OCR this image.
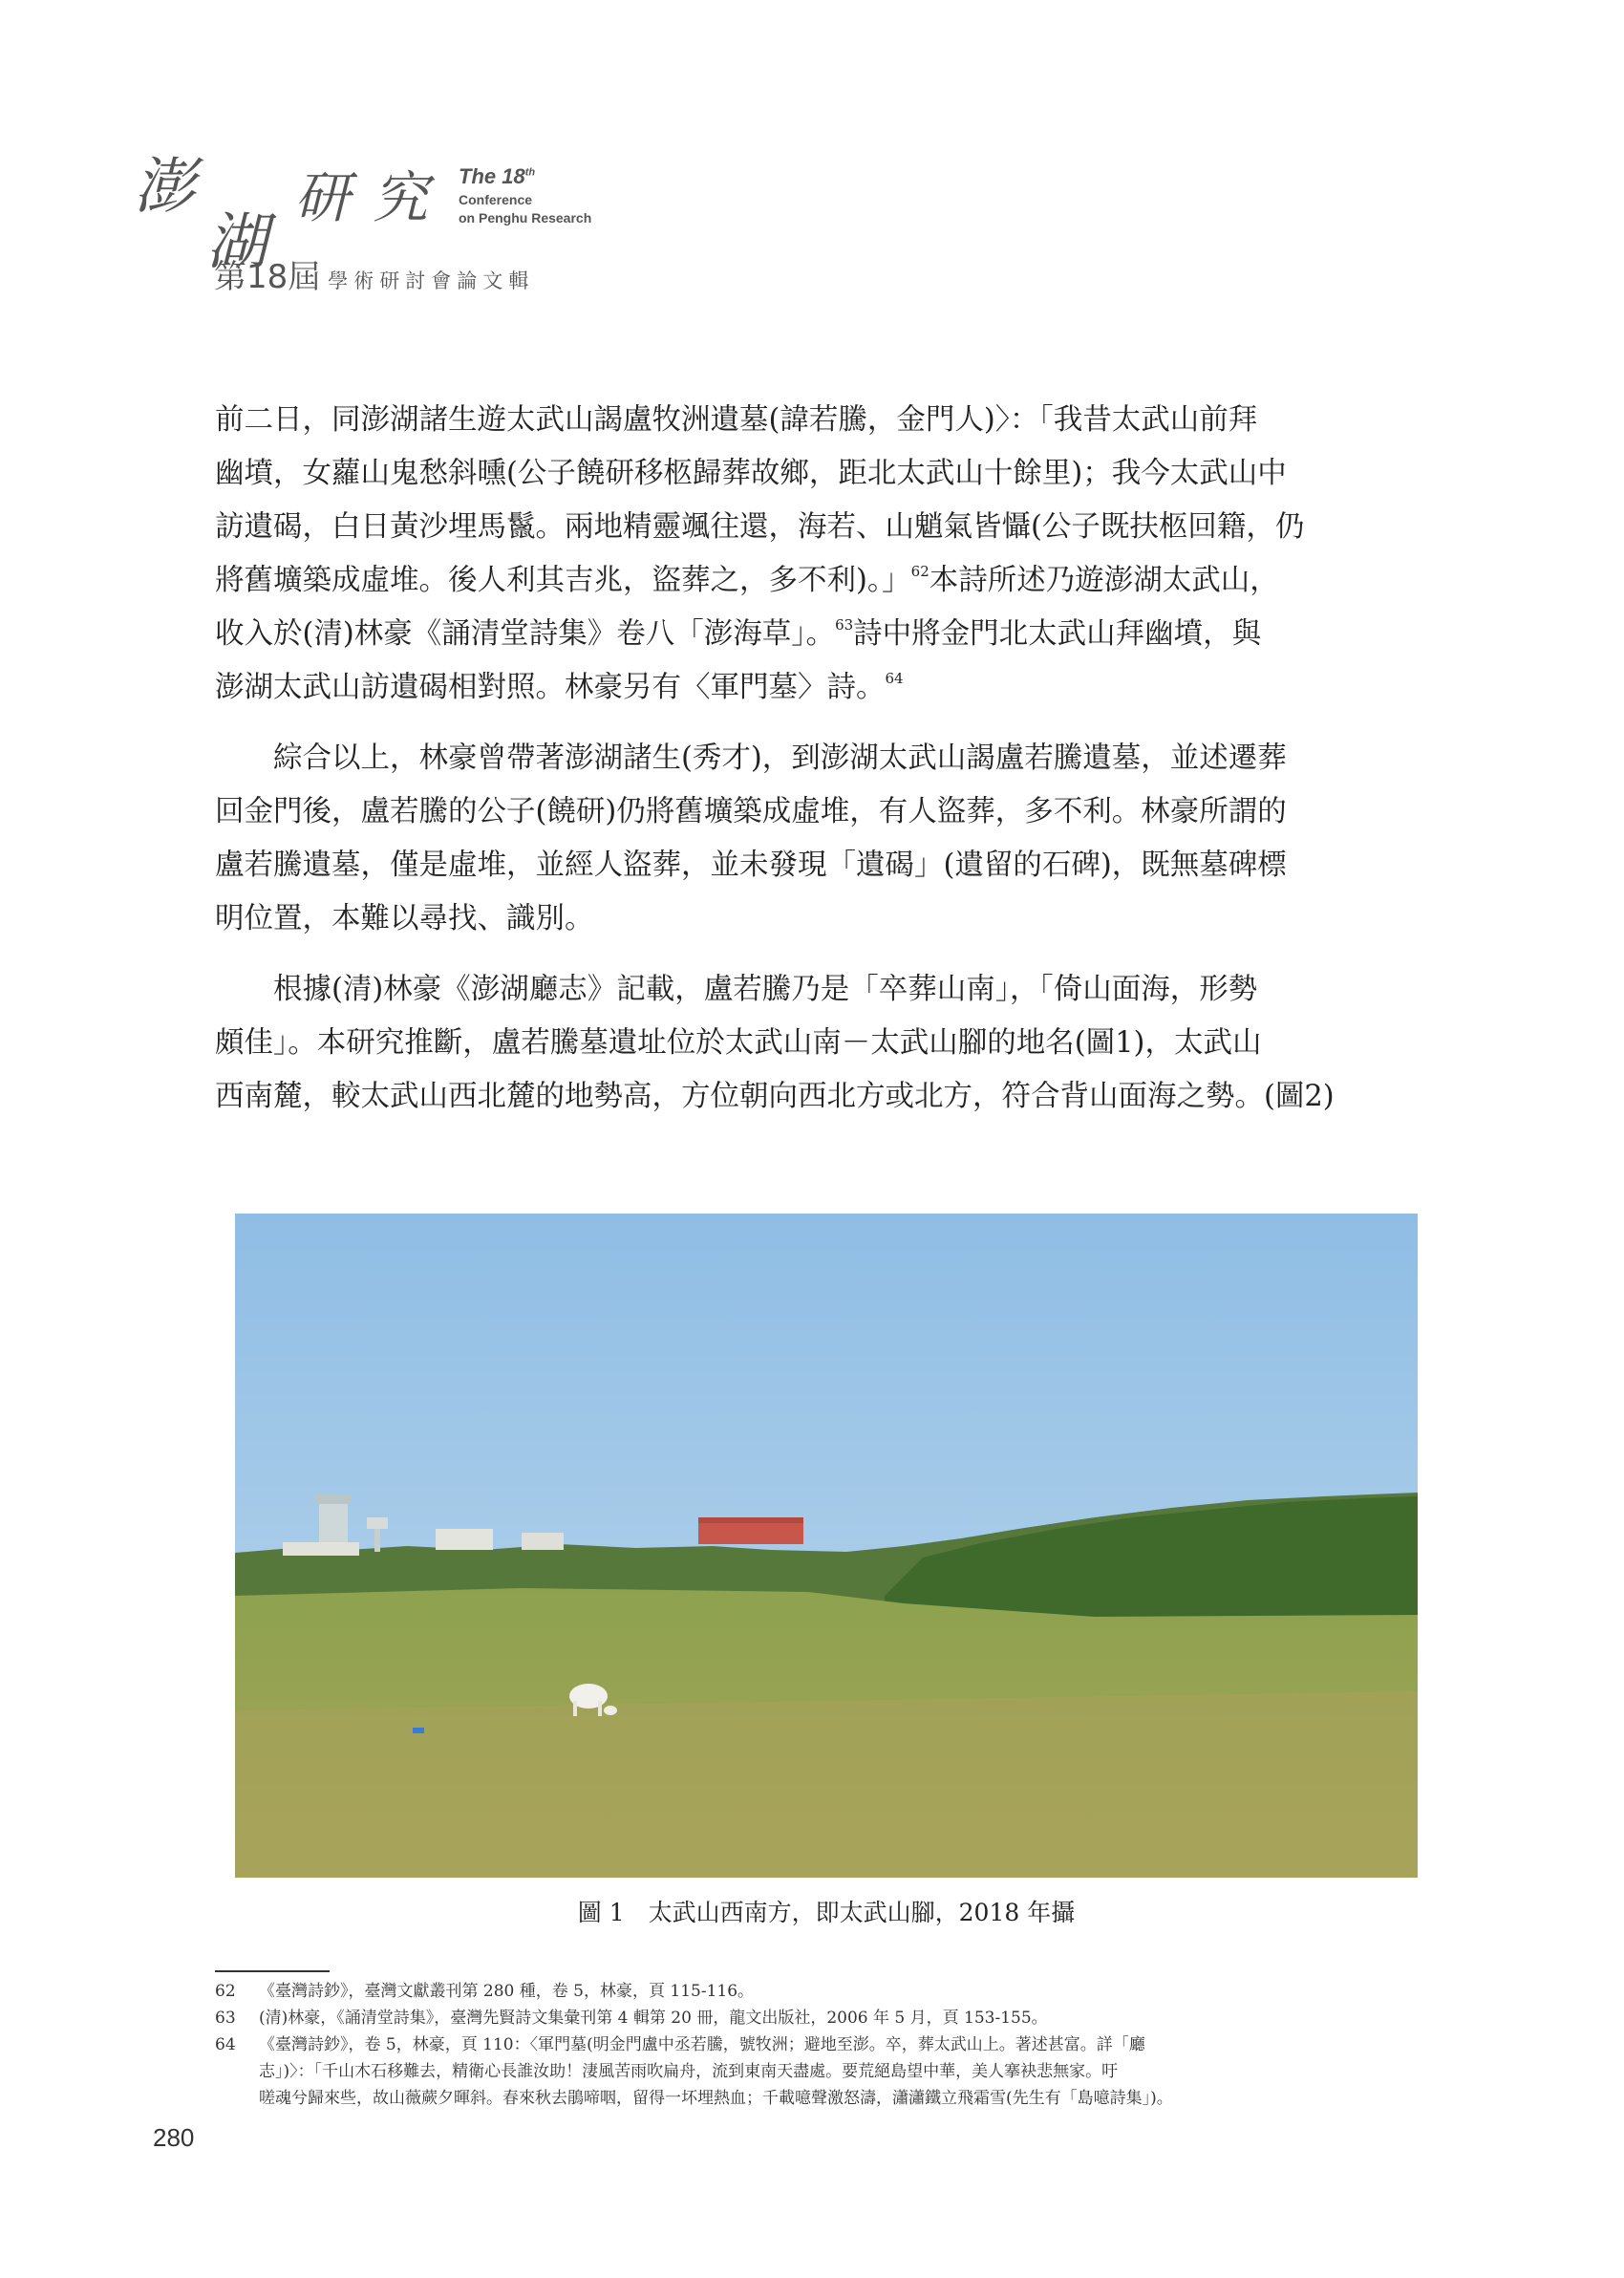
澎
湖
研 究 The 18th
Conference
on Penghu Research
第18屆 學術研討會論文輯
前二日，同澎湖諸生遊太武山謁盧牧洲遺墓(諱若騰，金門人)〉：「我昔太武山前拜
幽墳，女蘿山鬼愁斜曛(公子饒研移柩歸葬故鄉，距北太武山十餘里)；我今太武山中
訪遺碣，白日黃沙埋馬鬣。兩地精靈颯往還，海若、山魈氣皆懾(公子既扶柩回籍，仍
將舊壙築成虛堆。後人利其吉兆，盜葬之，多不利)。」$^{62}$本詩所述乃遊澎湖太武山，
收入於(清)林豪《誦清堂詩集》卷八「澎海草」。$^{63}$詩中將金門北太武山拜幽墳，與
澎湖太武山訪遺碣相對照。林豪另有〈軍門墓〉詩。$^{64}$
　　綜合以上，林豪曾帶著澎湖諸生(秀才)，到澎湖太武山謁盧若騰遺墓，並述遷葬
回金門後，盧若騰的公子(饒研)仍將舊壙築成虛堆，有人盜葬，多不利。林豪所謂的
盧若騰遺墓，僅是虛堆，並經人盜葬，並未發現「遺碣」(遺留的石碑)，既無墓碑標
明位置，本難以尋找、識別。
　　根據(清)林豪《澎湖廳志》記載，盧若騰乃是「卒葬山南」，「倚山面海，形勢
頗佳」。本研究推斷，盧若騰墓遺址位於太武山南－太武山腳的地名(圖1)，太武山
西南麓，較太武山西北麓的地勢高，方位朝向西北方或北方，符合背山面海之勢。(圖2)
圖 1　太武山西南方，即太武山腳，2018 年攝
62 《臺灣詩鈔》，臺灣文獻叢刊第 280 種，卷 5，林豪，頁 115-116。
63 (清)林豪，《誦清堂詩集》，臺灣先賢詩文集彙刊第 4 輯第 20 冊，龍文出版社，2006 年 5 月，頁 153-155。
64 《臺灣詩鈔》，卷 5，林豪，頁 110：〈軍門墓(明金門盧中丞若騰，號牧洲；避地至澎。卒，葬太武山上。著述甚富。詳「廳
志」)〉：「千山木石移難去，精衛心長誰汝助！淒風苦雨吹扁舟，流到東南天盡處。要荒絕島望中華，美人搴袂悲無家。吁
嗟魂兮歸來些，故山薇蕨夕暉斜。春來秋去鵑啼咽，留得一坏埋熱血；千載噫聲激怒濤，瀟瀟鐵立飛霜雪(先生有「島噫詩集」)。
280
